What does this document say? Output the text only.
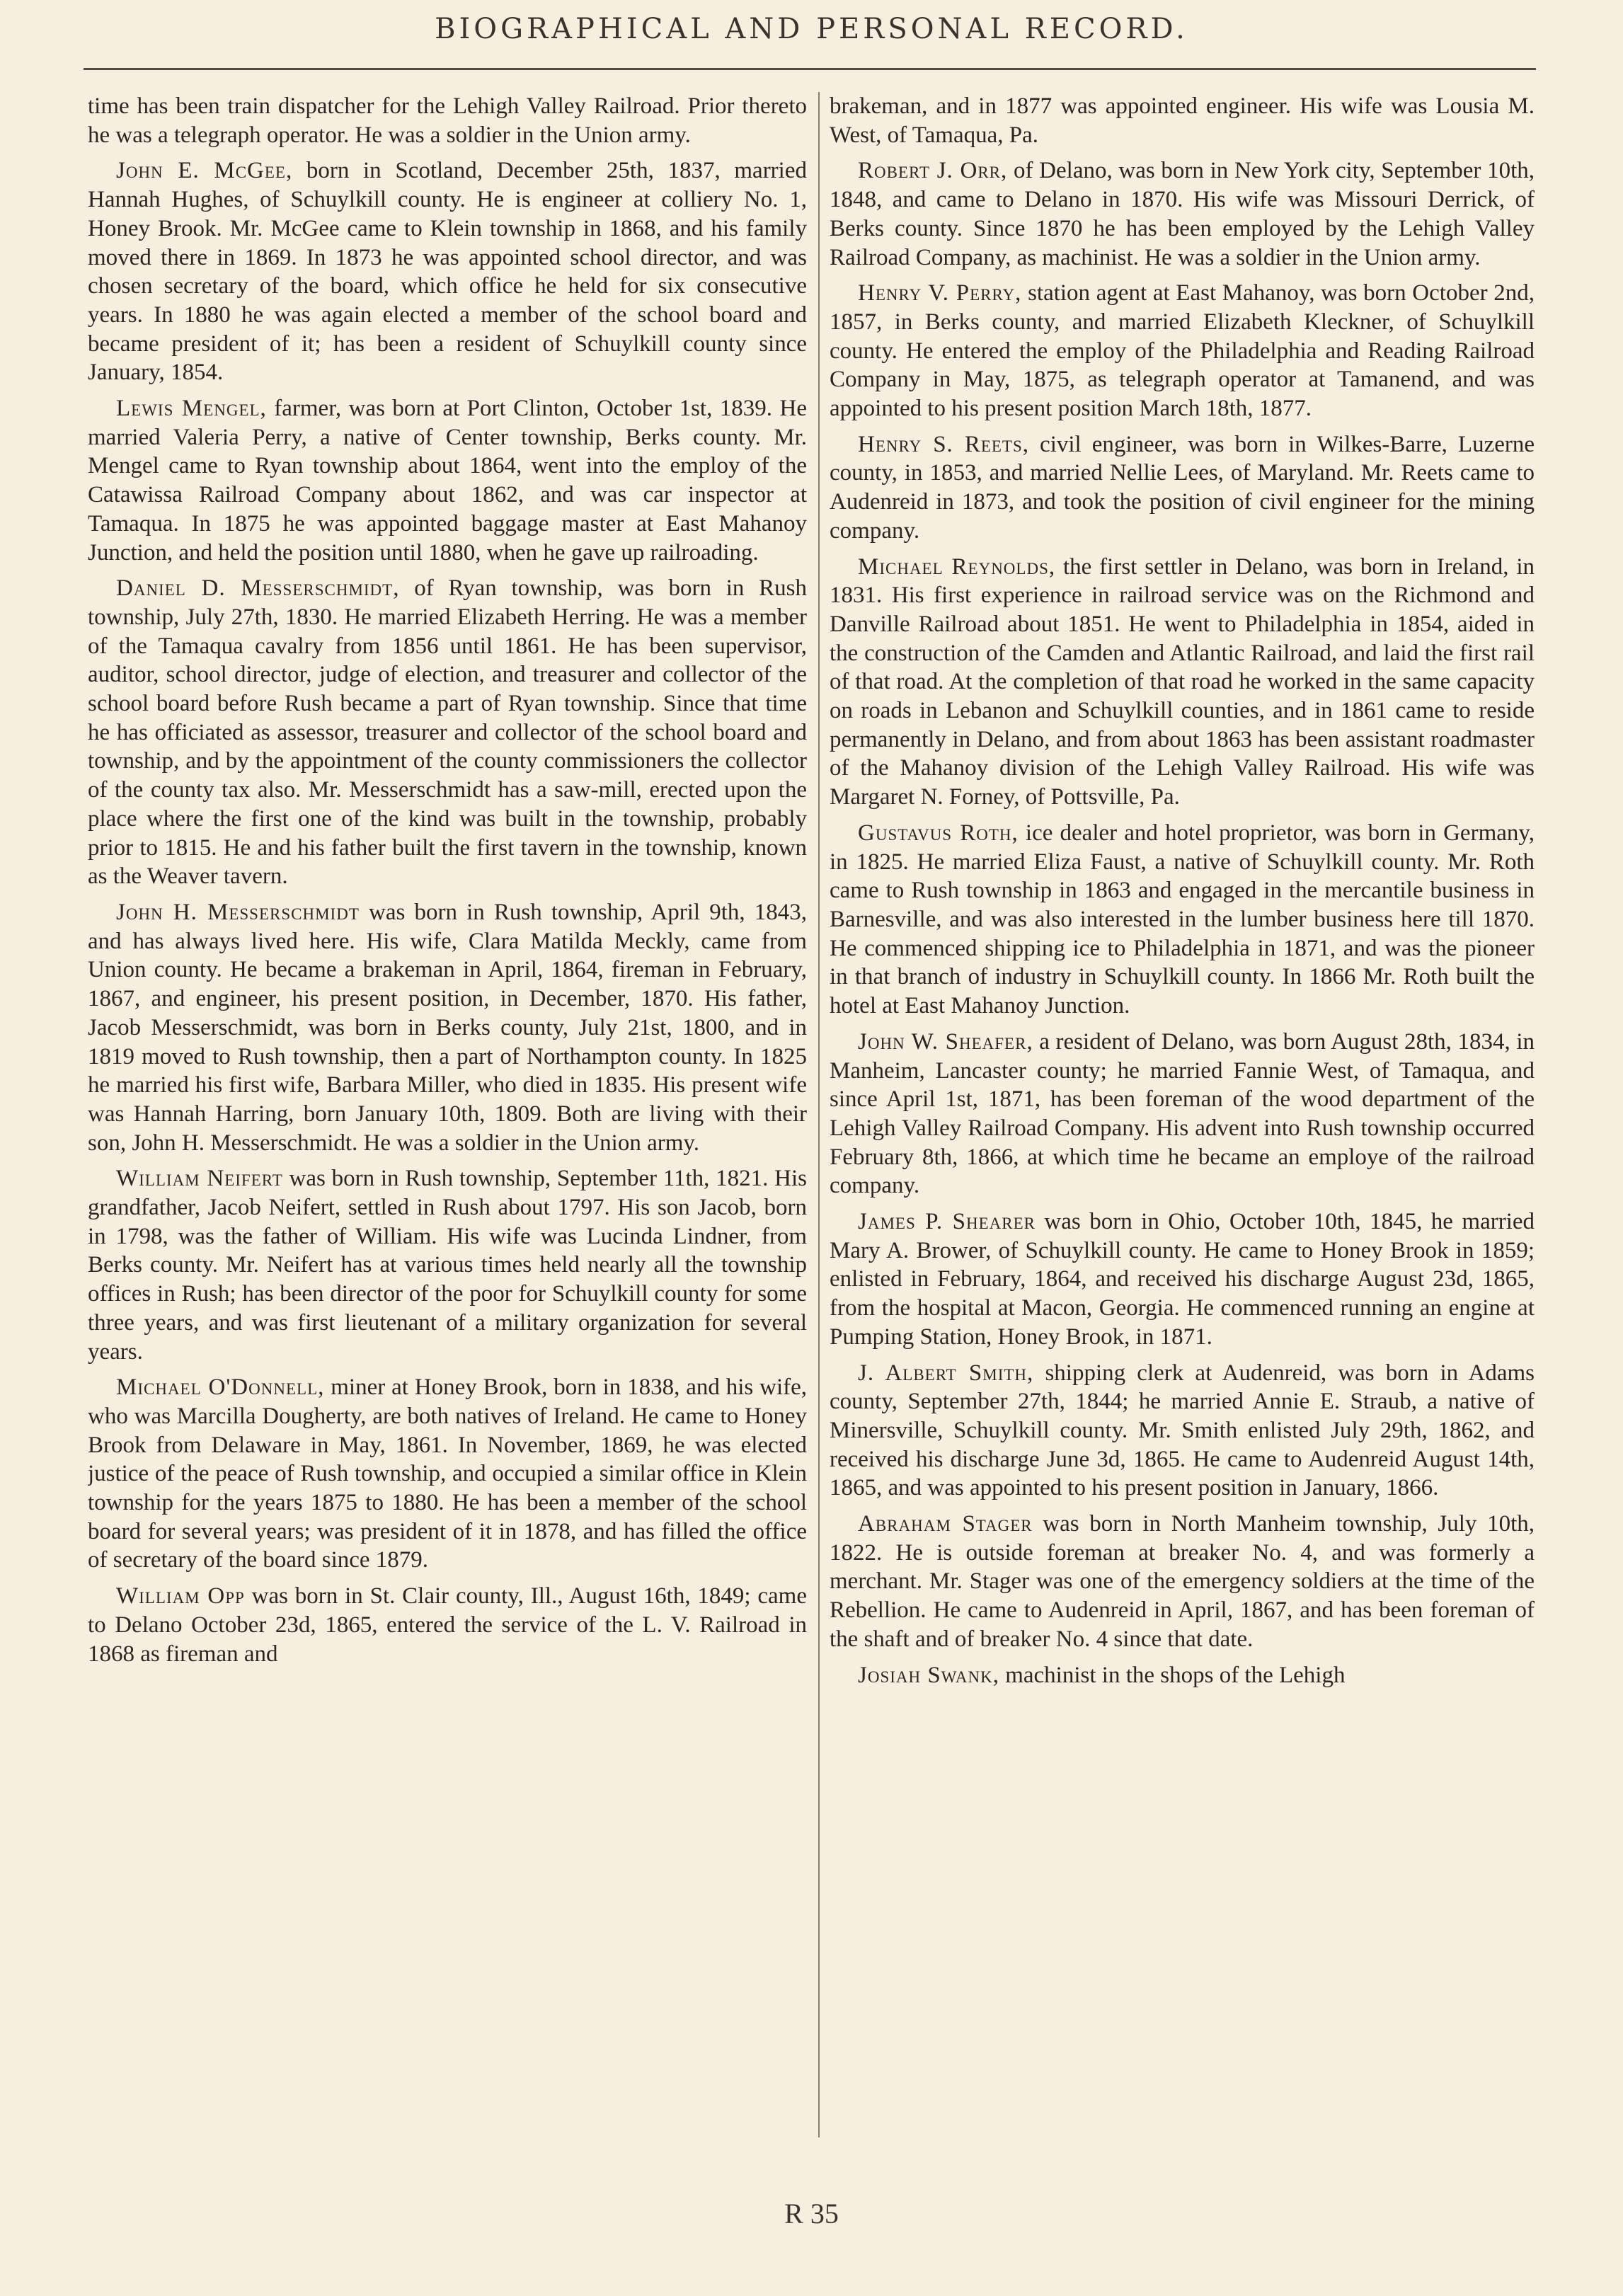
BIOGRAPHICAL AND PERSONAL RECORD.

time has been train dispatcher for the Lehigh Valley Railroad. Prior thereto he was a telegraph operator. He was a soldier in the Union army.

John E. McGee, born in Scotland, December 25th, 1837, married Hannah Hughes, of Schuylkill county. He is engineer at colliery No. 1, Honey Brook. Mr. McGee came to Klein township in 1868, and his family moved there in 1869. In 1873 he was appointed school director, and was chosen secretary of the board, which office he held for six consecutive years. In 1880 he was again elected a member of the school board and became president of it; has been a resident of Schuylkill county since January, 1854.

Lewis Mengel, farmer, was born at Port Clinton, October 1st, 1839. He married Valeria Perry, a native of Center township, Berks county. Mr. Mengel came to Ryan township about 1864, went into the employ of the Catawissa Railroad Company about 1862, and was car inspector at Tamaqua. In 1875 he was appointed baggage master at East Mahanoy Junction, and held the position until 1880, when he gave up railroading.

Daniel D. Messerschmidt, of Ryan township, was born in Rush township, July 27th, 1830. He married Elizabeth Herring. He was a member of the Tamaqua cavalry from 1856 until 1861. He has been supervisor, auditor, school director, judge of election, and treasurer and collector of the school board before Rush became a part of Ryan township. Since that time he has officiated as assessor, treasurer and collector of the school board and township, and by the appointment of the county commissioners the collector of the county tax also. Mr. Messerschmidt has a saw-mill, erected upon the place where the first one of the kind was built in the township, probably prior to 1815. He and his father built the first tavern in the township, known as the Weaver tavern.

John H. Messerschmidt was born in Rush township, April 9th, 1843, and has always lived here. His wife, Clara Matilda Meckly, came from Union county. He became a brakeman in April, 1864, fireman in February, 1867, and engineer, his present position, in December, 1870. His father, Jacob Messerschmidt, was born in Berks county, July 21st, 1800, and in 1819 moved to Rush township, then a part of Northampton county. In 1825 he married his first wife, Barbara Miller, who died in 1835. His present wife was Hannah Harring, born January 10th, 1809. Both are living with their son, John H. Messerschmidt. He was a soldier in the Union army.

William Neifert was born in Rush township, September 11th, 1821. His grandfather, Jacob Neifert, settled in Rush about 1797. His son Jacob, born in 1798, was the father of William. His wife was Lucinda Lindner, from Berks county. Mr. Neifert has at various times held nearly all the township offices in Rush; has been director of the poor for Schuylkill county for some three years, and was first lieutenant of a military organization for several years.

Michael O'Donnell, miner at Honey Brook, born in 1838, and his wife, who was Marcilla Dougherty, are both natives of Ireland. He came to Honey Brook from Delaware in May, 1861. In November, 1869, he was elected justice of the peace of Rush township, and occupied a similar office in Klein township for the years 1875 to 1880. He has been a member of the school board for several years; was president of it in 1878, and has filled the office of secretary of the board since 1879.

William Opp was born in St. Clair county, Ill., August 16th, 1849; came to Delano October 23d, 1865, entered the service of the L. V. Railroad in 1868 as fireman and

brakeman, and in 1877 was appointed engineer. His wife was Lousia M. West, of Tamaqua, Pa.

Robert J. Orr, of Delano, was born in New York city, September 10th, 1848, and came to Delano in 1870. His wife was Missouri Derrick, of Berks county. Since 1870 he has been employed by the Lehigh Valley Railroad Company, as machinist. He was a soldier in the Union army.

Henry V. Perry, station agent at East Mahanoy, was born October 2nd, 1857, in Berks county, and married Elizabeth Kleckner, of Schuylkill county. He entered the employ of the Philadelphia and Reading Railroad Company in May, 1875, as telegraph operator at Tamanend, and was appointed to his present position March 18th, 1877.

Henry S. Reets, civil engineer, was born in Wilkes-Barre, Luzerne county, in 1853, and married Nellie Lees, of Maryland. Mr. Reets came to Audenreid in 1873, and took the position of civil engineer for the mining company.

Michael Reynolds, the first settler in Delano, was born in Ireland, in 1831. His first experience in railroad service was on the Richmond and Danville Railroad about 1851. He went to Philadelphia in 1854, aided in the construction of the Camden and Atlantic Railroad, and laid the first rail of that road. At the completion of that road he worked in the same capacity on roads in Lebanon and Schuylkill counties, and in 1861 came to reside permanently in Delano, and from about 1863 has been assistant roadmaster of the Mahanoy division of the Lehigh Valley Railroad. His wife was Margaret N. Forney, of Pottsville, Pa.

Gustavus Roth, ice dealer and hotel proprietor, was born in Germany, in 1825. He married Eliza Faust, a native of Schuylkill county. Mr. Roth came to Rush township in 1863 and engaged in the mercantile business in Barnesville, and was also interested in the lumber business here till 1870. He commenced shipping ice to Philadelphia in 1871, and was the pioneer in that branch of industry in Schuylkill county. In 1866 Mr. Roth built the hotel at East Mahanoy Junction.

John W. Sheafer, a resident of Delano, was born August 28th, 1834, in Manheim, Lancaster county; he married Fannie West, of Tamaqua, and since April 1st, 1871, has been foreman of the wood department of the Lehigh Valley Railroad Company. His advent into Rush township occurred February 8th, 1866, at which time he became an employe of the railroad company.

James P. Shearer was born in Ohio, October 10th, 1845, he married Mary A. Brower, of Schuylkill county. He came to Honey Brook in 1859; enlisted in February, 1864, and received his discharge August 23d, 1865, from the hospital at Macon, Georgia. He commenced running an engine at Pumping Station, Honey Brook, in 1871.

J. Albert Smith, shipping clerk at Audenreid, was born in Adams county, September 27th, 1844; he married Annie E. Straub, a native of Minersville, Schuylkill county. Mr. Smith enlisted July 29th, 1862, and received his discharge June 3d, 1865. He came to Audenreid August 14th, 1865, and was appointed to his present position in January, 1866.

Abraham Stager was born in North Manheim township, July 10th, 1822. He is outside foreman at breaker No. 4, and was formerly a merchant. Mr. Stager was one of the emergency soldiers at the time of the Rebellion. He came to Audenreid in April, 1867, and has been foreman of the shaft and of breaker No. 4 since that date.

Josiah Swank, machinist in the shops of the Lehigh

R 35
